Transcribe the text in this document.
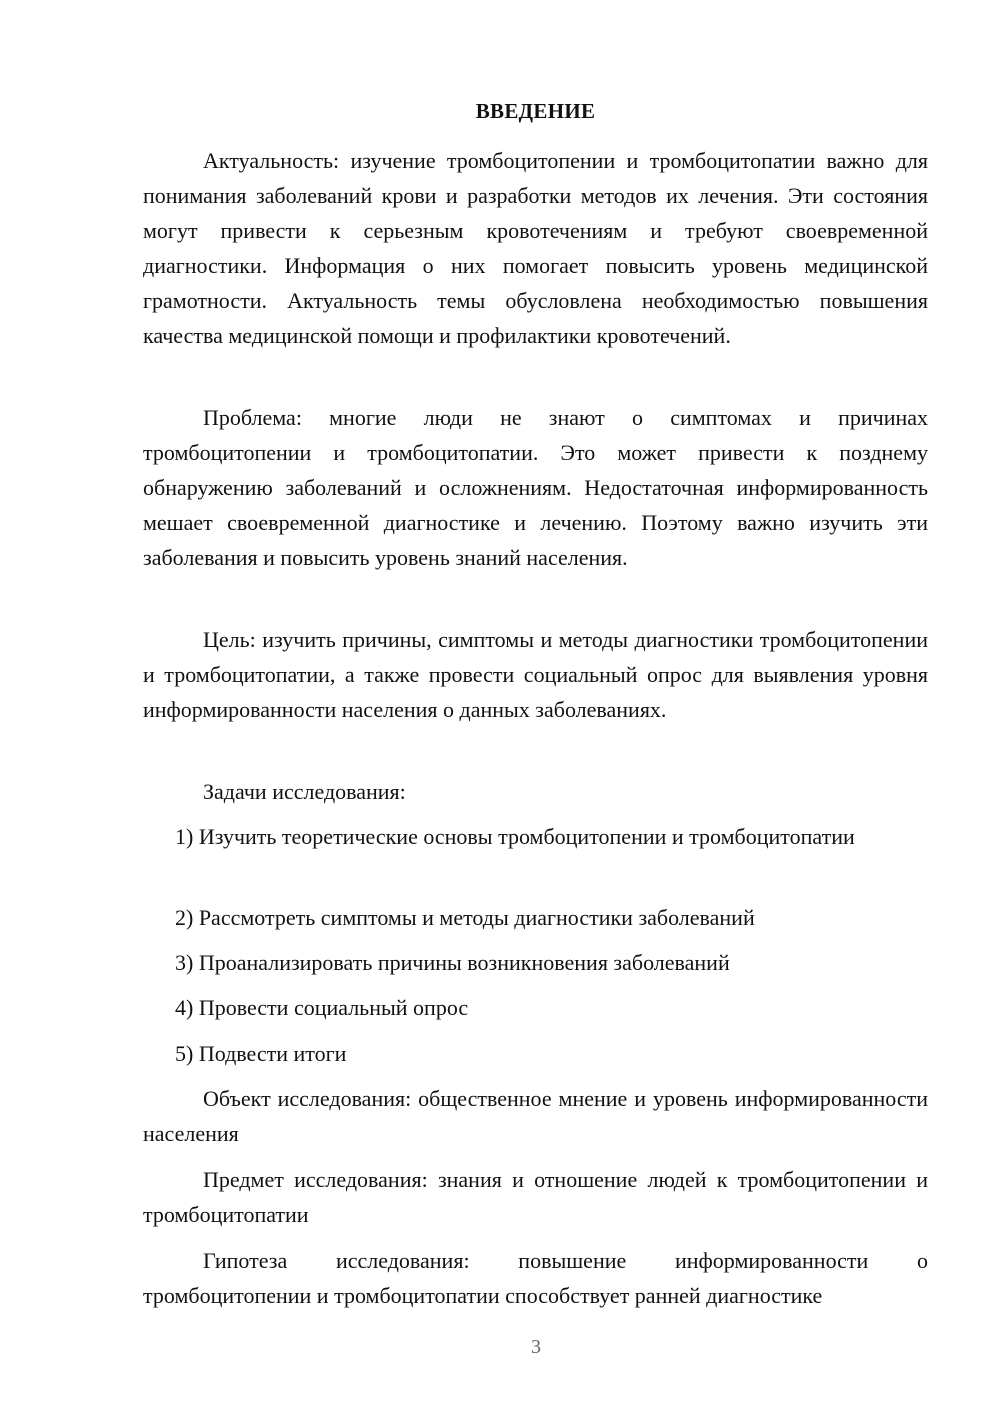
ВВЕДЕНИЕ

Актуальность: изучение тромбоцитопении и тромбоцитопатии важно для понимания заболеваний крови и разработки методов их лечения. Эти состояния могут привести к серьезным кровотечениям и требуют своевременной диагностики. Информация о них помогает повысить уровень медицинской грамотности. Актуальность темы обусловлена необходимостью повышения качества медицинской помощи и профилактики кровотечений.

Проблема: многие люди не знают о симптомах и причинах тромбоцитопении и тромбоцитопатии. Это может привести к позднему обнаружению заболеваний и осложнениям. Недостаточная информированность мешает своевременной диагностике и лечению. Поэтому важно изучить эти заболевания и повысить уровень знаний населения.

Цель: изучить причины, симптомы и методы диагностики тромбоцитопении и тромбоцитопатии, а также провести социальный опрос для выявления уровня информированности населения о данных заболеваниях.

Задачи исследования:

1) Изучить теоретические основы тромбоцитопении и тромбоцитопатии

2) Рассмотреть симптомы и методы диагностики заболеваний

3) Проанализировать причины возникновения заболеваний

4) Провести социальный опрос

5) Подвести итоги

Объект исследования: общественное мнение и уровень информированности населения

Предмет исследования: знания и отношение людей к тромбоцитопении и тромбоцитопатии

Гипотеза исследования: повышение информированности о тромбоцитопении и тромбоцитопатии способствует ранней диагностике

3
